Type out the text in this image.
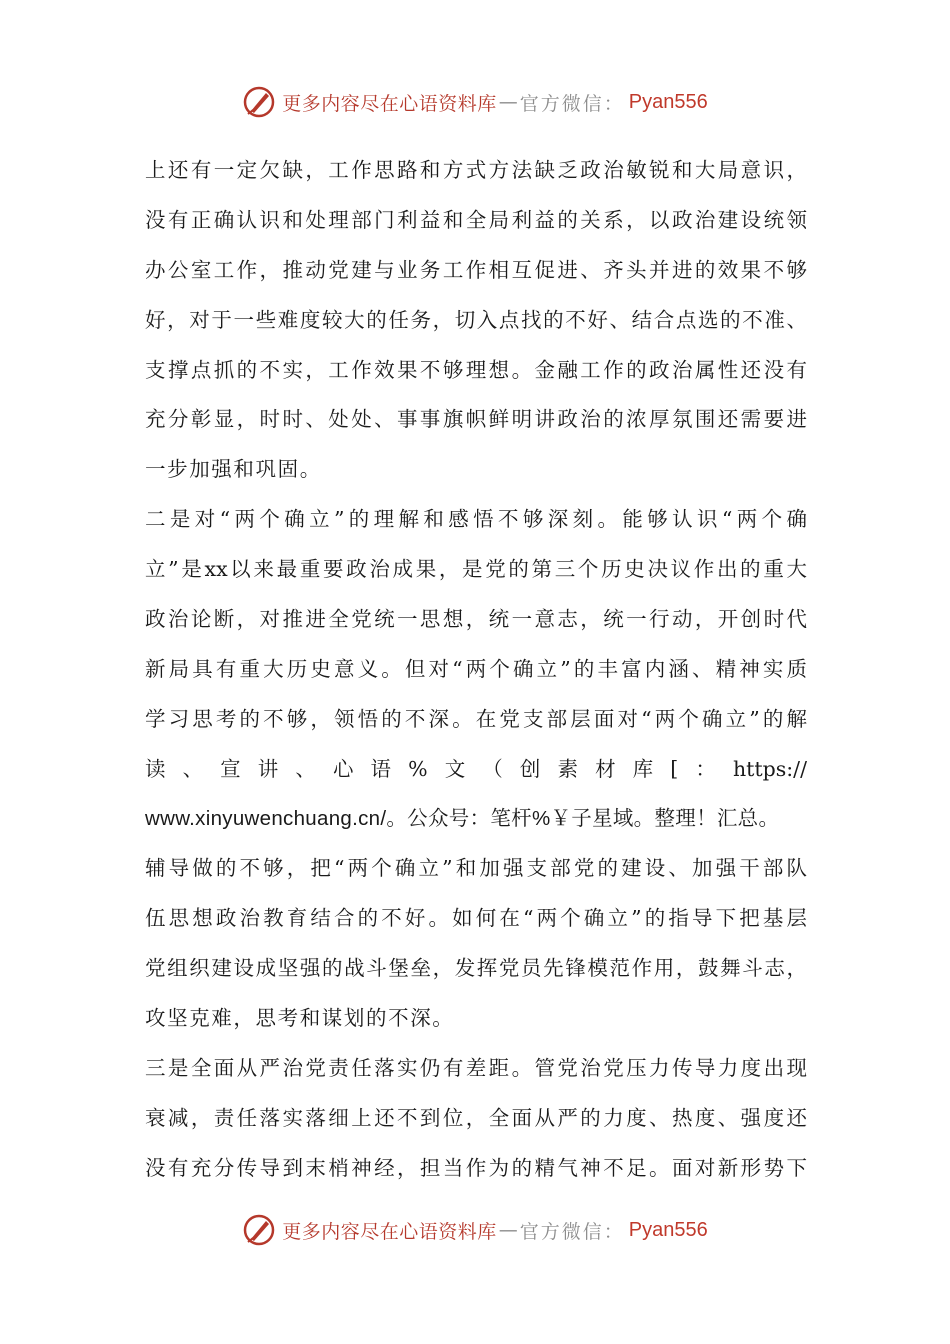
更多内容尽在心语资料库 — 官方微信： Pyan556
上还有一定欠缺，工作思路和方式方法缺乏政治敏锐和大局意识，
没有正确认识和处理部门利益和全局利益的关系，以政治建设统领
办公室工作，推动党建与业务工作相互促进、齐头并进的效果不够
好，对于一些难度较大的任务，切入点找的不好、结合点选的不准、
支撑点抓的不实，工作效果不够理想。金融工作的政治属性还没有
充分彰显，时时、处处、事事旗帜鲜明讲政治的浓厚氛围还需要进
一步加强和巩固。
二是对“两个确立”的理解和感悟不够深刻。能够认识“两个确
立”是xx以来最重要政治成果，是党的第三个历史决议作出的重大
政治论断，对推进全党统一思想，统一意志，统一行动，开创时代
新局具有重大历史意义。但对“两个确立”的丰富内涵、精神实质
学习思考的不够，领悟的不深。在党支部层面对“两个确立”的解
读、宣讲、心语%文（创素材库[：https://
www.xinyuwenchuang.cn/。公众号：笔杆%￥子星域。整理！汇总。
辅导做的不够，把“两个确立”和加强支部党的建设、加强干部队
伍思想政治教育结合的不好。如何在“两个确立”的指导下把基层
党组织建设成坚强的战斗堡垒，发挥党员先锋模范作用，鼓舞斗志，
攻坚克难，思考和谋划的不深。
三是全面从严治党责任落实仍有差距。管党治党压力传导力度出现
衰减，责任落实落细上还不到位，全面从严的力度、热度、强度还
没有充分传导到末梢神经，担当作为的精气神不足。面对新形势下
更多内容尽在心语资料库 — 官方微信： Pyan556
